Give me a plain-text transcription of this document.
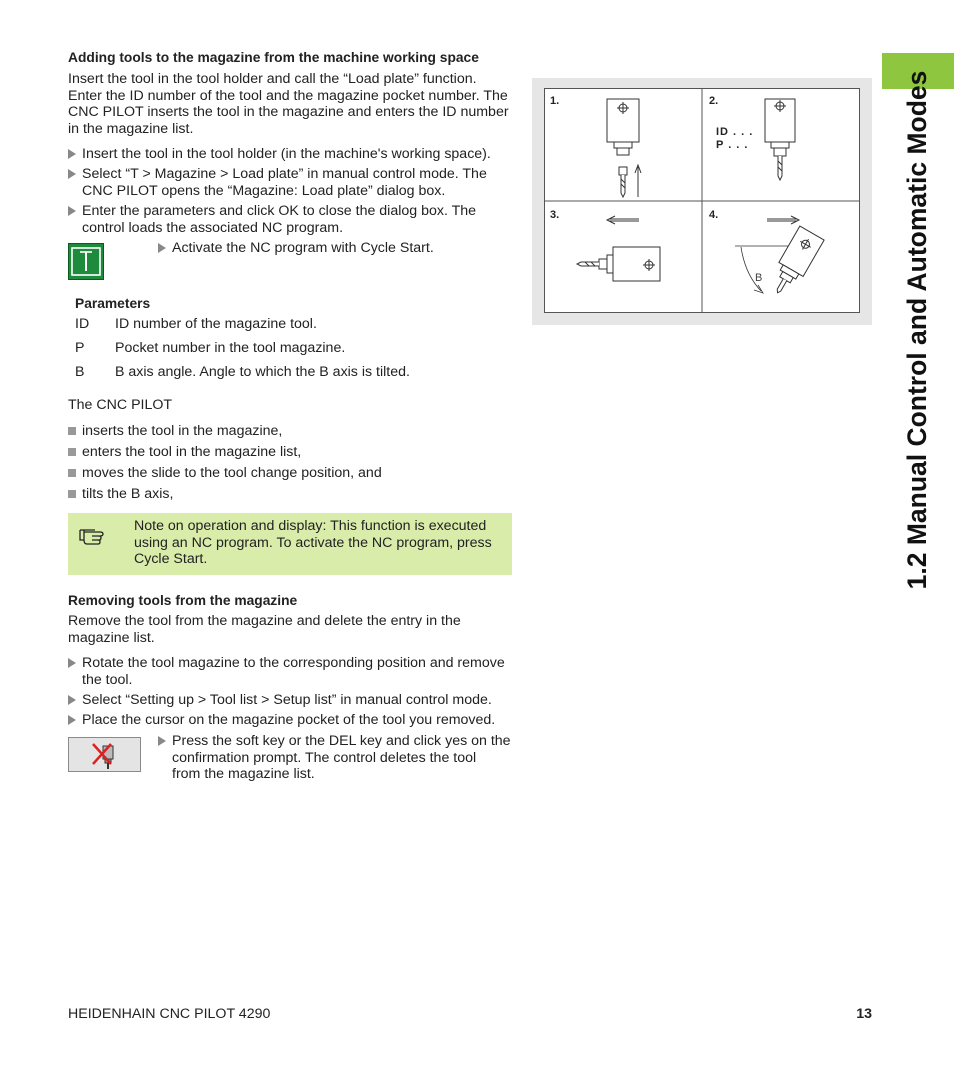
1.2 Manual Control and Automatic Modes
Adding tools to the magazine from the machine working space
Insert the tool in the tool holder and call the “Load plate” function.
Enter the ID number of the tool and the magazine pocket number. The
CNC PILOT inserts the tool in the magazine and enters the ID number
in the magazine list.
Insert the tool in the tool holder (in the machine's working space).
Select “T > Magazine > Load plate” in manual control mode. The
CNC PILOT opens the “Magazine: Load plate” dialog box.
Enter the parameters and click OK to close the dialog box. The
control loads the associated NC program.
Activate the NC program with Cycle Start.
Parameters
ID ID number of the magazine tool.
P Pocket number in the tool magazine.
B B axis angle. Angle to which the B axis is tilted.
The CNC PILOT
inserts the tool in the magazine,
enters the tool in the magazine list,
moves the slide to the tool change position, and
tilts the B axis,
Note on operation and display: This function is executed
using an NC program. To activate the NC program, press
Cycle Start.
Removing tools from the magazine
Remove the tool from the magazine and delete the entry in the
magazine list.
Rotate the tool magazine to the corresponding position and remove
the tool.
Select “Setting up > Tool list > Setup list” in manual control mode.
Place the cursor on the magazine pocket of the tool you removed.
Press the soft key or the DEL key and click yes on the
confirmation prompt. The control deletes the tool
from the magazine list.
1.	2.
3.	4.
ID . . .
P . . .
B
HEIDENHAIN CNC PILOT 4290	13
